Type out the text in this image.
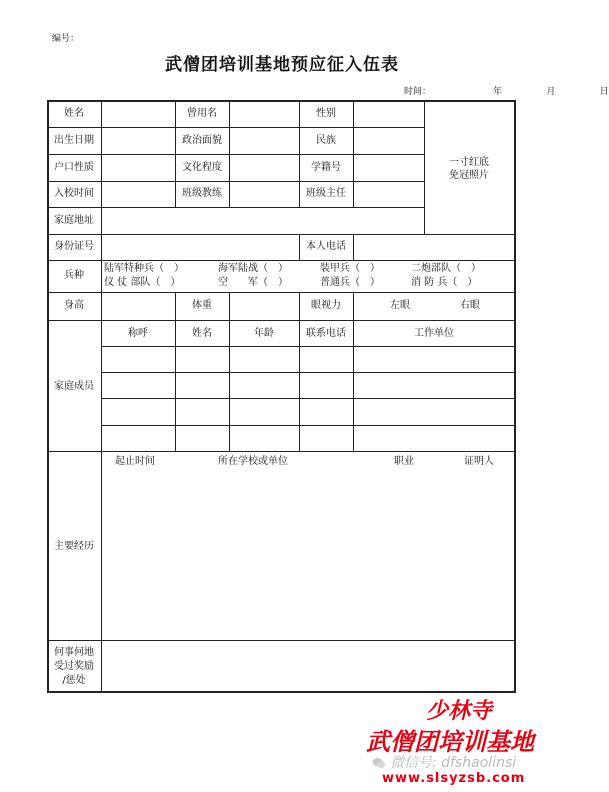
编号：
武僧团培训基地预应征入伍表
时间：	年	月	日
姓名	曾用名	性别
出生日期	政治面貌	民族
户口性质	文化程度	学籍号
入校时间	班级教练	班级主任
一寸红底
免冠照片
家庭地址
身份证号	本人电话
兵种
陆军特种兵（　）	海军陆战（　）	装甲兵（　）	二炮部队（　）
仪 仗 部队（　）	空　　军（　）	普通兵（　）	消 防 兵（　）
身高	体重	眼视力	左眼	右眼
家庭成员
称呼	姓名	年龄	联系电话	工作单位
主要经历
起止时间	所在学校或单位	职业	证明人
何事何地
受过奖励
/惩处
少林寺
武僧团培训基地
微信号: dfshaolinsi
www.slsyzsb.com
